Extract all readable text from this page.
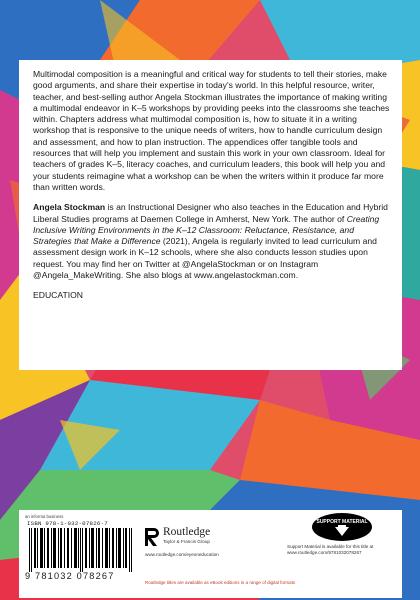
Multimodal composition is a meaningful and critical way for students to tell their stories, make good arguments, and share their expertise in today's world. In this helpful resource, writer, teacher, and best-selling author Angela Stockman illustrates the importance of making writing a multimodal endeavor in K–5 workshops by providing peeks into the classrooms she teaches within. Chapters address what multimodal composition is, how to situate it in a writing workshop that is responsive to the unique needs of writers, how to handle curriculum design and assessment, and how to plan instruction. The appendices offer tangible tools and resources that will help you implement and sustain this work in your own classroom. Ideal for teachers of grades K–5, literacy coaches, and curriculum leaders, this book will help you and your students reimagine what a workshop can be when the writers within it produce far more than written words.

Angela Stockman is an Instructional Designer who also teaches in the Education and Hybrid Liberal Studies programs at Daemen College in Amherst, New York. The author of Creating Inclusive Writing Environments in the K–12 Classroom: Reluctance, Resistance, and Strategies that Make a Difference (2021), Angela is regularly invited to lead curriculum and assessment design work in K–12 schools, where she also conducts lesson studies upon request. You may find her on Twitter at @AngelaStockman or on Instagram @Angela_MakeWriting. She also blogs at www.angelastockman.com.

EDUCATION
an informa business
ISBN 978-1-032-07826-7
9 781032 078267
Routledge
Taylor & Francis Group
www.routledge.com/eyeoneducation
SUPPORT MATERIAL
Support Material is available for this title at www.routledge.com/9781032078267
Routledge titles are available as eBook editions in a range of digital formats
